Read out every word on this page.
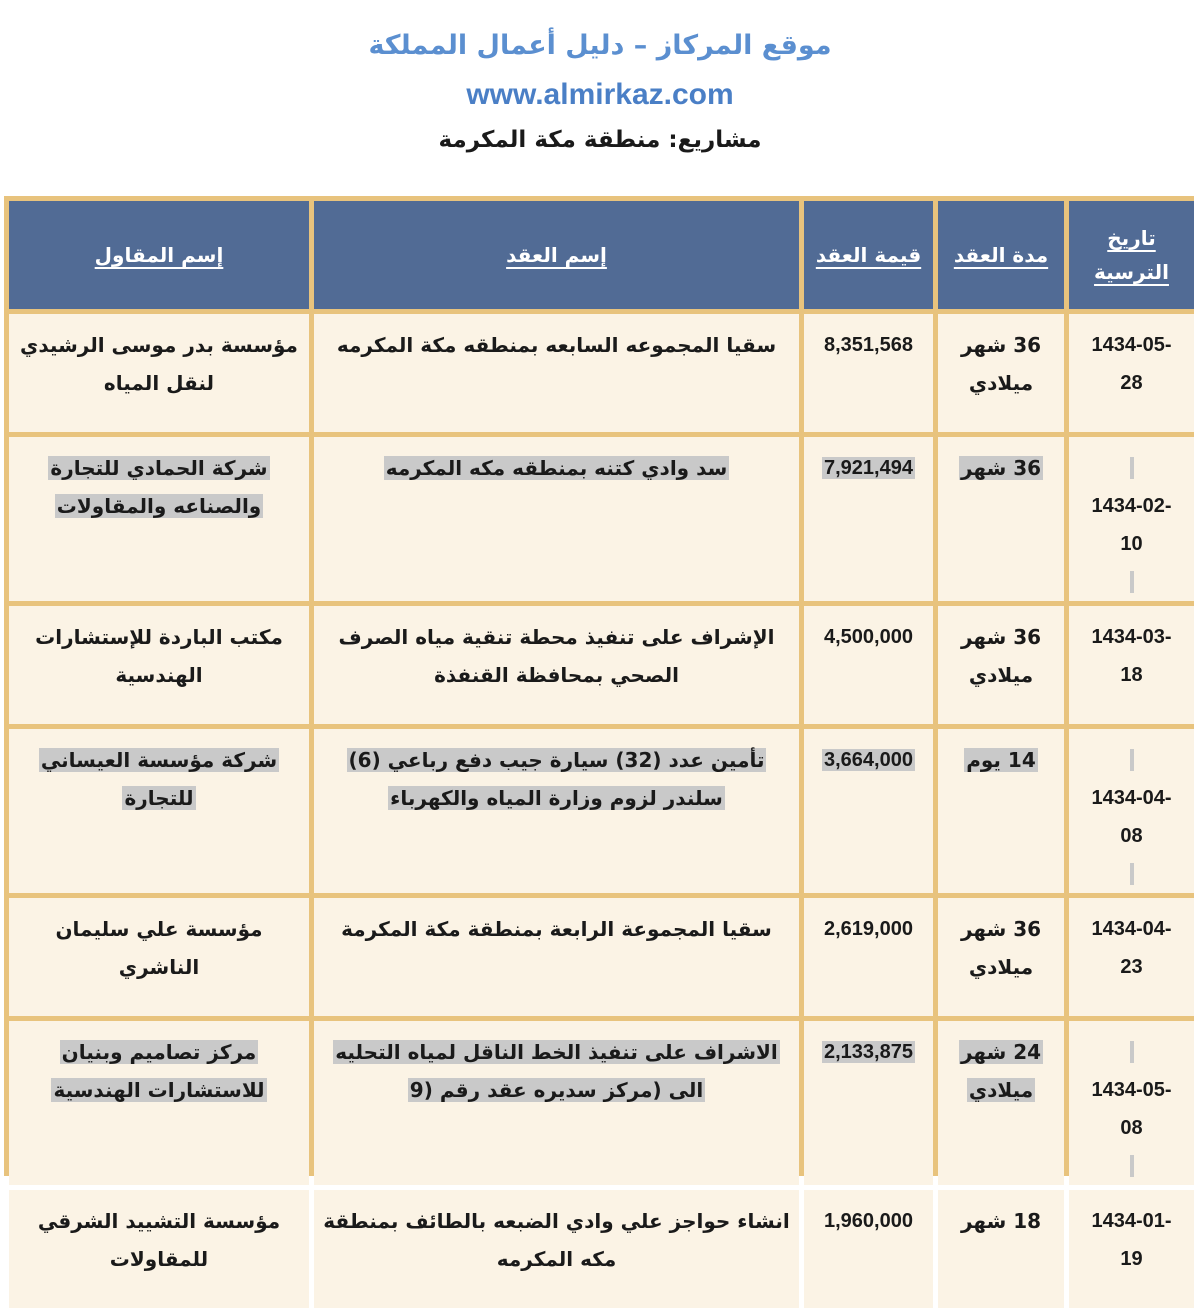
موقع المركاز – دليل أعمال المملكة
www.almirkaz.com
مشاريع: منطقة مكة المكرمة
تاريخ الترسية	مدة العقد	قيمة العقد	إسم العقد	إسم المقاول

1434-05-
28	36 شهر ميلادي	8,351,568	سقيا المجموعه السابعه بمنطقه مكة المكرمه	مؤسسة بدر موسى الرشيدي لنقل المياه

1434-02-
10	36 شهر	7,921,494	سد وادي كتنه بمنطقه مكه المكرمه	شركة الحمادي للتجارة والصناعه والمقاولات

1434-03-
18	36 شهر ميلادي	4,500,000	الإشراف على تنفيذ محطة تنقية مياه الصرف الصحي بمحافظة القنفذة	مكتب الباردة للإستشارات الهندسية

1434-04-
08	14 يوم	3,664,000	تأمين عدد (32) سيارة جيب دفع رباعي (6) سلندر لزوم وزارة المياه والكهرباء	شركة مؤسسة العيساني للتجارة

1434-04-
23	36 شهر ميلادي	2,619,000	سقيا المجموعة الرابعة بمنطقة مكة المكرمة	مؤسسة علي سليمان الناشري

1434-05-
08	24 شهر ميلادي	2,133,875	الاشراف على تنفيذ الخط الناقل لمياه التحليه الى (مركز سديره عقد رقم (9	مركز تصاميم وبنيان للاستشارات الهندسية

1434-01-
19	18 شهر	1,960,000	انشاء حواجز علي وادي الضبعه بالطائف بمنطقة مكه المكرمه	مؤسسة التشييد الشرقي للمقاولات
